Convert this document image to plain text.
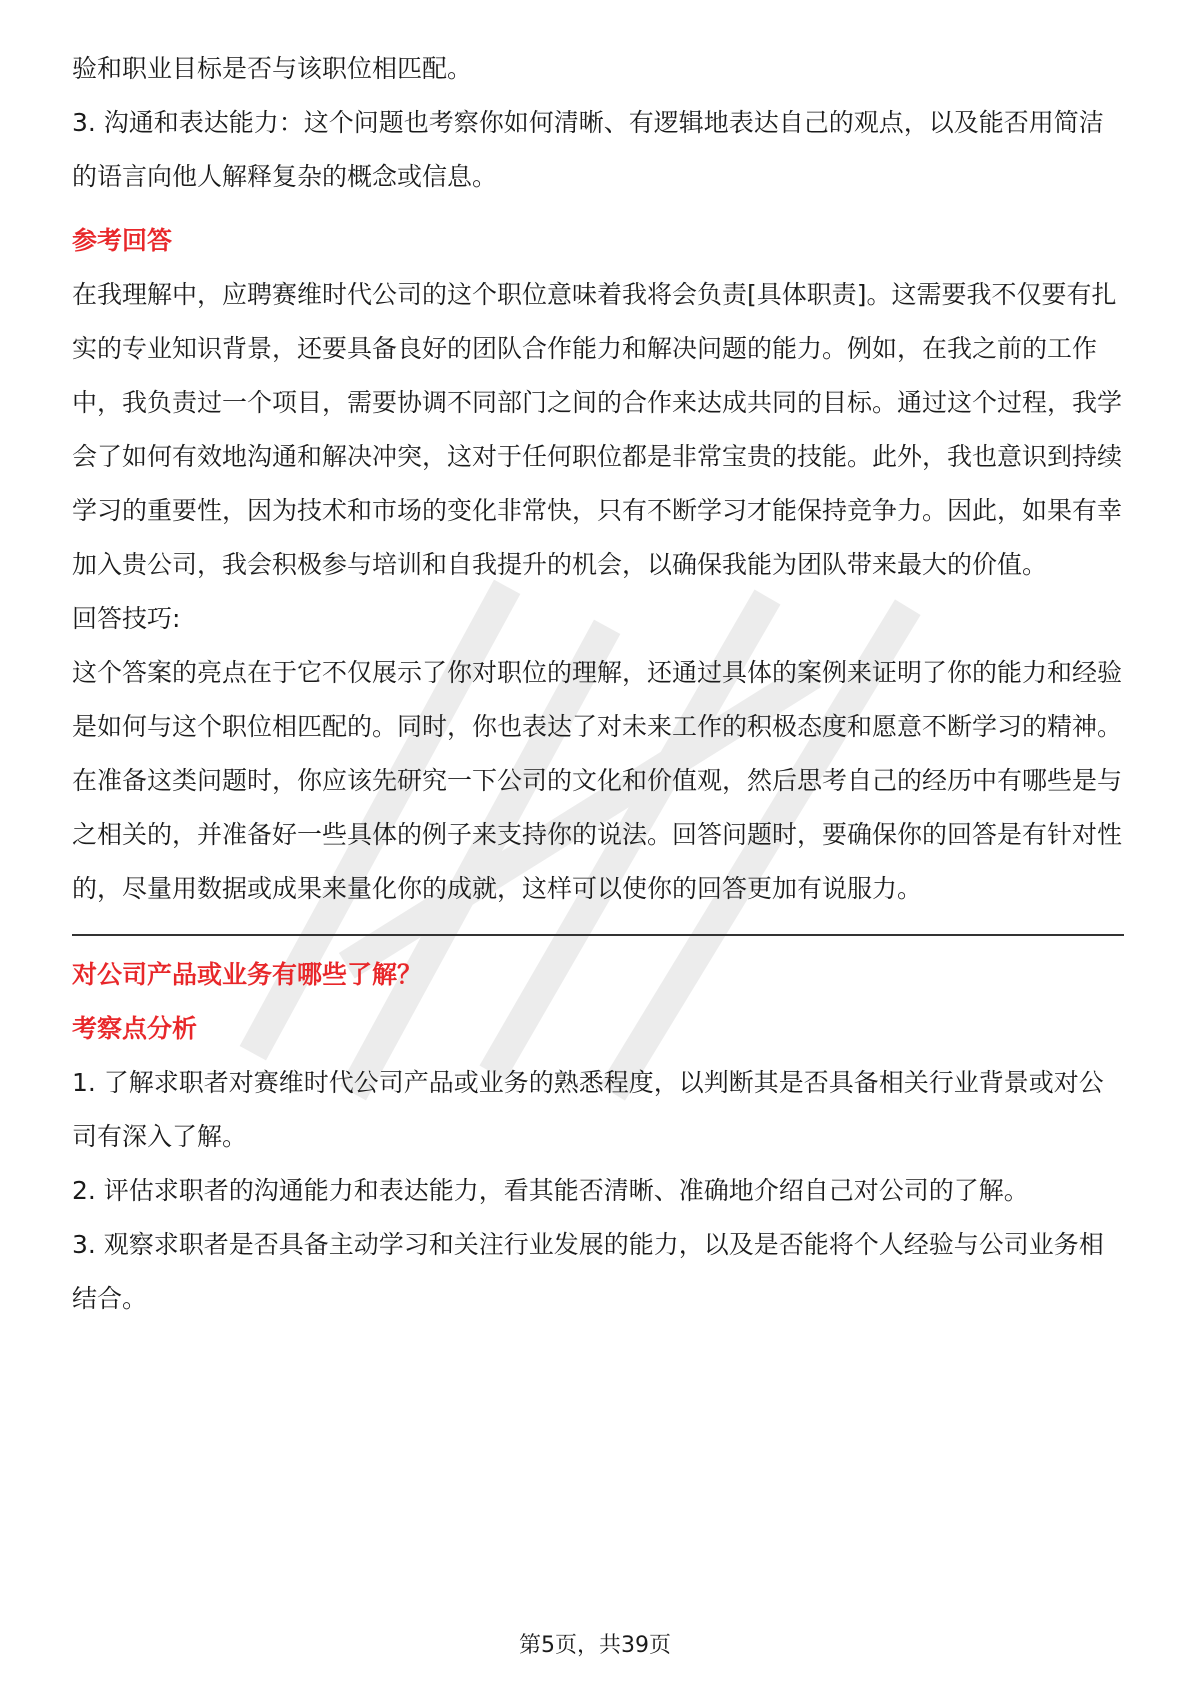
验和职业目标是否与该职位相匹配。

3. 沟通和表达能力：这个问题也考察你如何清晰、有逻辑地表达自己的观点，以及能否用简洁的语言向他人解释复杂的概念或信息。

参考回答

在我理解中，应聘赛维时代公司的这个职位意味着我将会负责[具体职责]。这需要我不仅要有扎实的专业知识背景，还要具备良好的团队合作能力和解决问题的能力。例如，在我之前的工作中，我负责过一个项目，需要协调不同部门之间的合作来达成共同的目标。通过这个过程，我学会了如何有效地沟通和解决冲突，这对于任何职位都是非常宝贵的技能。此外，我也意识到持续学习的重要性，因为技术和市场的变化非常快，只有不断学习才能保持竞争力。因此，如果有幸加入贵公司，我会积极参与培训和自我提升的机会，以确保我能为团队带来最大的价值。

回答技巧:

这个答案的亮点在于它不仅展示了你对职位的理解，还通过具体的案例来证明了你的能力和经验是如何与这个职位相匹配的。同时，你也表达了对未来工作的积极态度和愿意不断学习的精神。在准备这类问题时，你应该先研究一下公司的文化和价值观，然后思考自己的经历中有哪些是与之相关的，并准备好一些具体的例子来支持你的说法。回答问题时，要确保你的回答是有针对性的，尽量用数据或成果来量化你的成就，这样可以使你的回答更加有说服力。

对公司产品或业务有哪些了解？

考察点分析

1. 了解求职者对赛维时代公司产品或业务的熟悉程度，以判断其是否具备相关行业背景或对公司有深入了解。

2. 评估求职者的沟通能力和表达能力，看其能否清晰、准确地介绍自己对公司的了解。

3. 观察求职者是否具备主动学习和关注行业发展的能力，以及是否能将个人经验与公司业务相结合。

第5页，共39页
